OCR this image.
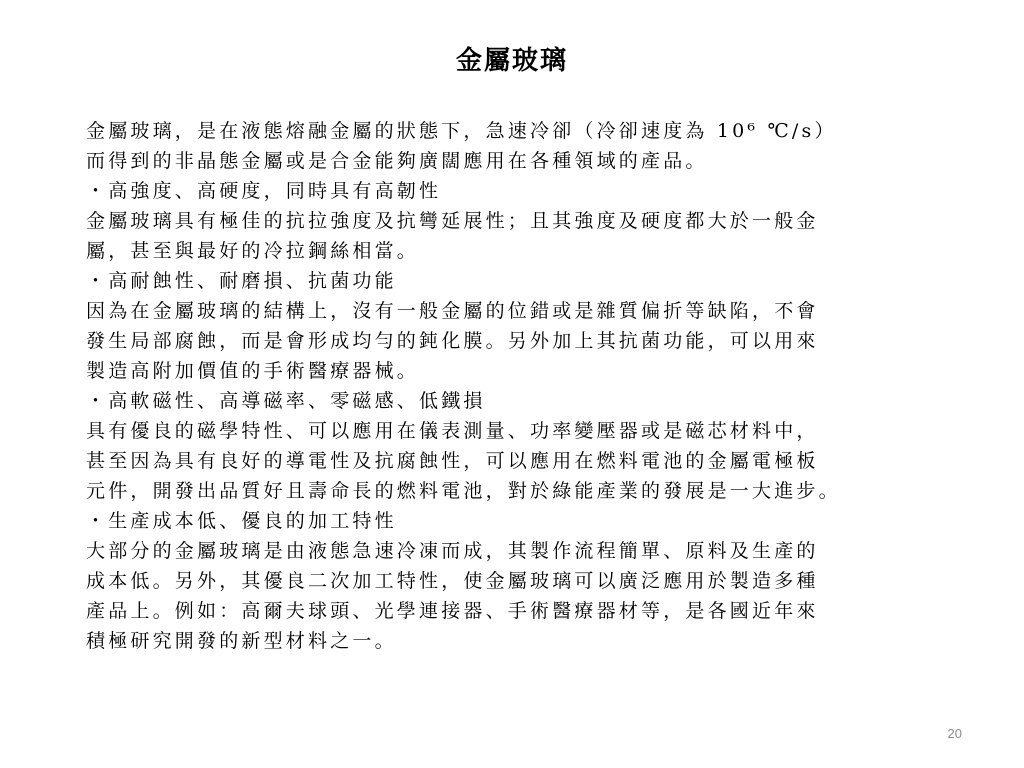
金屬玻璃
金屬玻璃，是在液態熔融金屬的狀態下，急速冷卻（冷卻速度為 10⁶ ℃/s）
而得到的非晶態金屬或是合金能夠廣闊應用在各種領域的產品。
・高強度、高硬度，同時具有高韌性
金屬玻璃具有極佳的抗拉強度及抗彎延展性；且其強度及硬度都大於一般金
屬，甚至與最好的冷拉鋼絲相當。
・高耐蝕性、耐磨損、抗菌功能
因為在金屬玻璃的結構上，沒有一般金屬的位錯或是雜質偏折等缺陷，不會
發生局部腐蝕，而是會形成均勻的鈍化膜。另外加上其抗菌功能，可以用來
製造高附加價值的手術醫療器械。
・高軟磁性、高導磁率、零磁感、低鐵損
具有優良的磁學特性、可以應用在儀表測量、功率變壓器或是磁芯材料中，
甚至因為具有良好的導電性及抗腐蝕性，可以應用在燃料電池的金屬電極板
元件，開發出品質好且壽命長的燃料電池，對於綠能產業的發展是一大進步。
・生產成本低、優良的加工特性
大部分的金屬玻璃是由液態急速冷凍而成，其製作流程簡單、原料及生產的
成本低。另外，其優良二次加工特性，使金屬玻璃可以廣泛應用於製造多種
產品上。例如：高爾夫球頭、光學連接器、手術醫療器材等，是各國近年來
積極研究開發的新型材料之一。
20
